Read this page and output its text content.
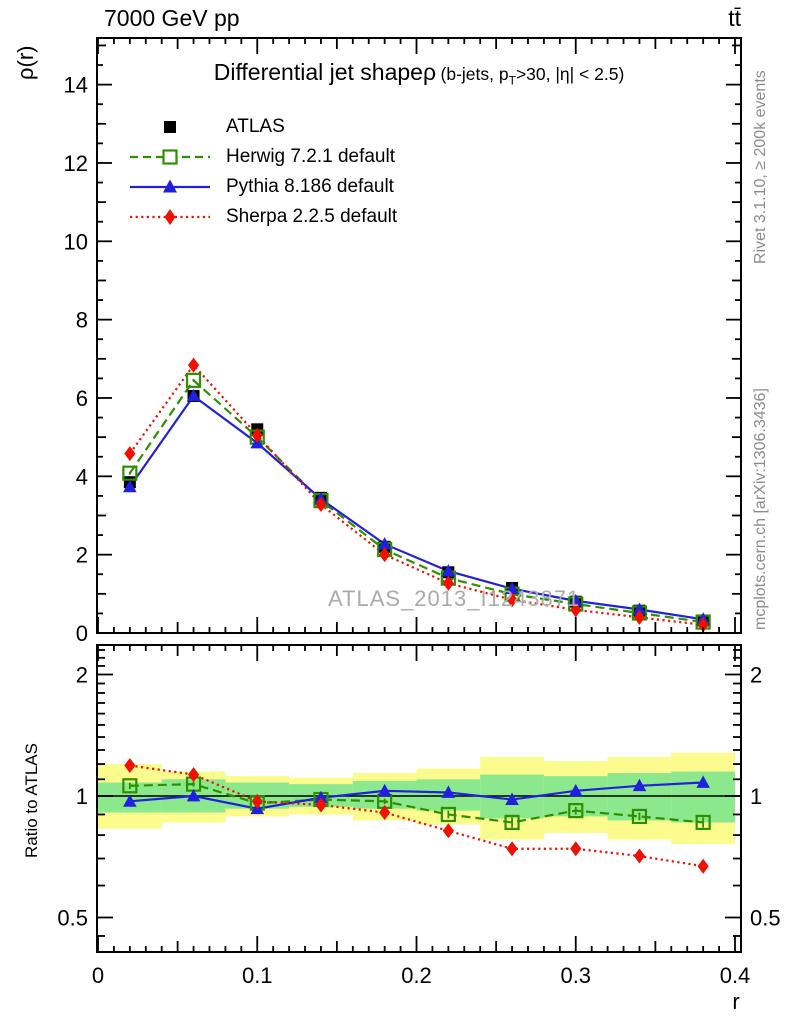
0
2
4
6
8
10
12
14
0.5	0.5
1	1
2	2
0	0.1	0.2	0.3	0.4
r
7000 GeV pp	tt̄
ρ(r)	Differential jet shapeρ (b-jets, $p_T>30$, |η| < 2.5)
ATLAS
Herwig 7.2.1 default
Pythia 8.186 default
Sherpa 2.2.5 default
ATLAS_2013_I1243871
Rivet 3.1.10, ≥ 200k events
mcplots.cern.ch [arXiv:1306.3436]
Ratio to ATLAS
